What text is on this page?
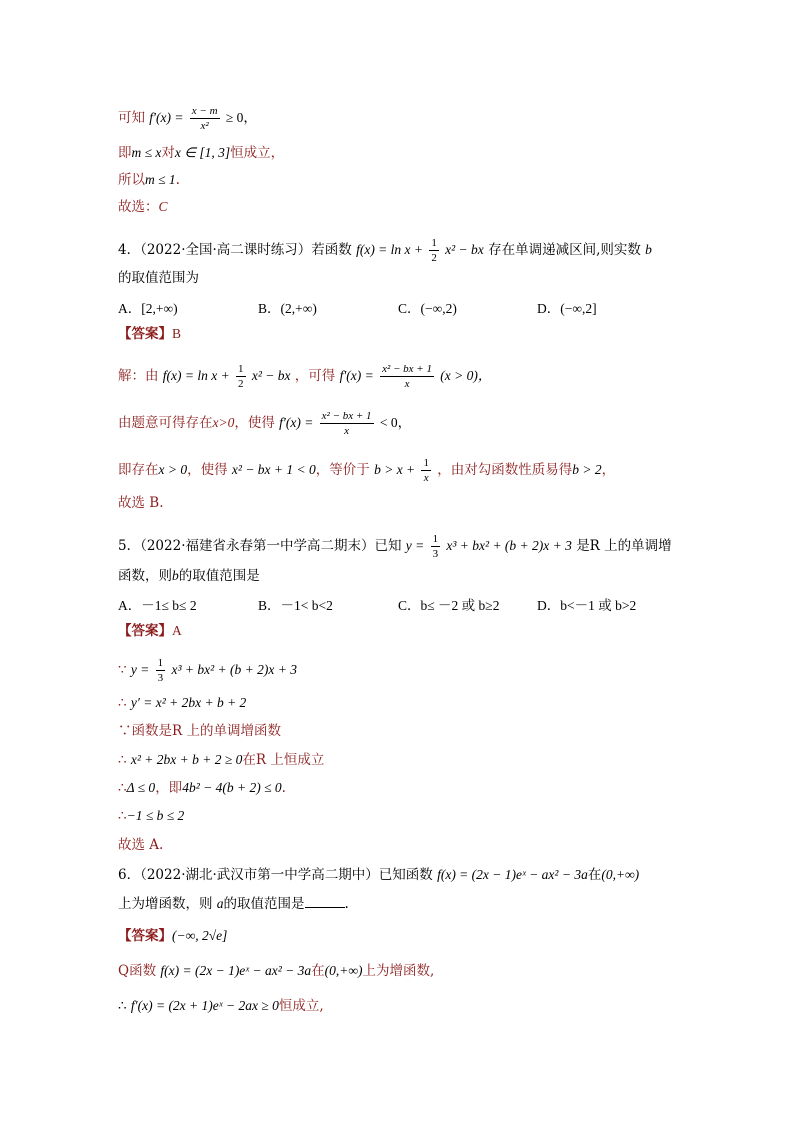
可知 $f'(x) = \frac{x - m}{\text{x²}} \ge 0$，
即m ≤ x对x ∈ [1, 3]恒成立，
所以m ≤ 1.
故选：C
4．（2022·全国·高二课时练习）若函数 $f(x) = \ln x + \frac{1}{2} x^2$ − bx 存在单调递减区间,则实数 b
的取值范围为
A．[2,+∞)	B．(2,+∞)	C．(−∞,2)	D．(−∞,2]
【答案】B
解：由 $f(x) = \ln x + \frac{1}{2} x^2$ − bx ，可得 $f'(x) = \frac{\text{x² − bx + 1}}{x} (x > 0)$，
由题意可得存在x>0，使得 $f'(x) = \frac{\text{x² − bx + 1}}{x} < 0$，
即存在x > 0，使得 x² − bx + 1 < 0，等价于 $b > x + \frac{1}{x}$ ，由对勾函数性质易得b > 2，
故选 B.
5．（2022·福建省永春第一中学高二期末）已知 $y = \frac{1}{3} x^3 + bx^2 + (b + 2)x + 3$ 是R 上的单调增
函数，则b的取值范围是
A．－1≤ b≤ 2	B．－1< b<2	C．b≤ －2 或 b≥2	D．b<－1 或 b>2
【答案】A
∵ $y = \frac{1}{3} x^3 + bx^2 + (b + 2)x + 3$
∴ y′ = x² + 2bx + b + 2
∵函数是R 上的单调增函数
∴ x² + 2bx + b + 2 ≥ 0在R 上恒成立
∴Δ ≤ 0，即4b² − 4(b + 2) ≤ 0.
∴−1 ≤ b ≤ 2
故选 A.
6．（2022·湖北·武汉市第一中学高二期中）已知函数 f(x) = (2x − 1)eˣ − ax² − 3a在(0,+∞)
上为增函数，则 a的取值范围是	.
【答案】(−∞, 2√e]
Q函数 f(x) = (2x − 1)eˣ − ax² − 3a在(0,+∞)上为增函数,
∴ f′(x) = (2x + 1)eˣ − 2ax ≥ 0恒成立,
